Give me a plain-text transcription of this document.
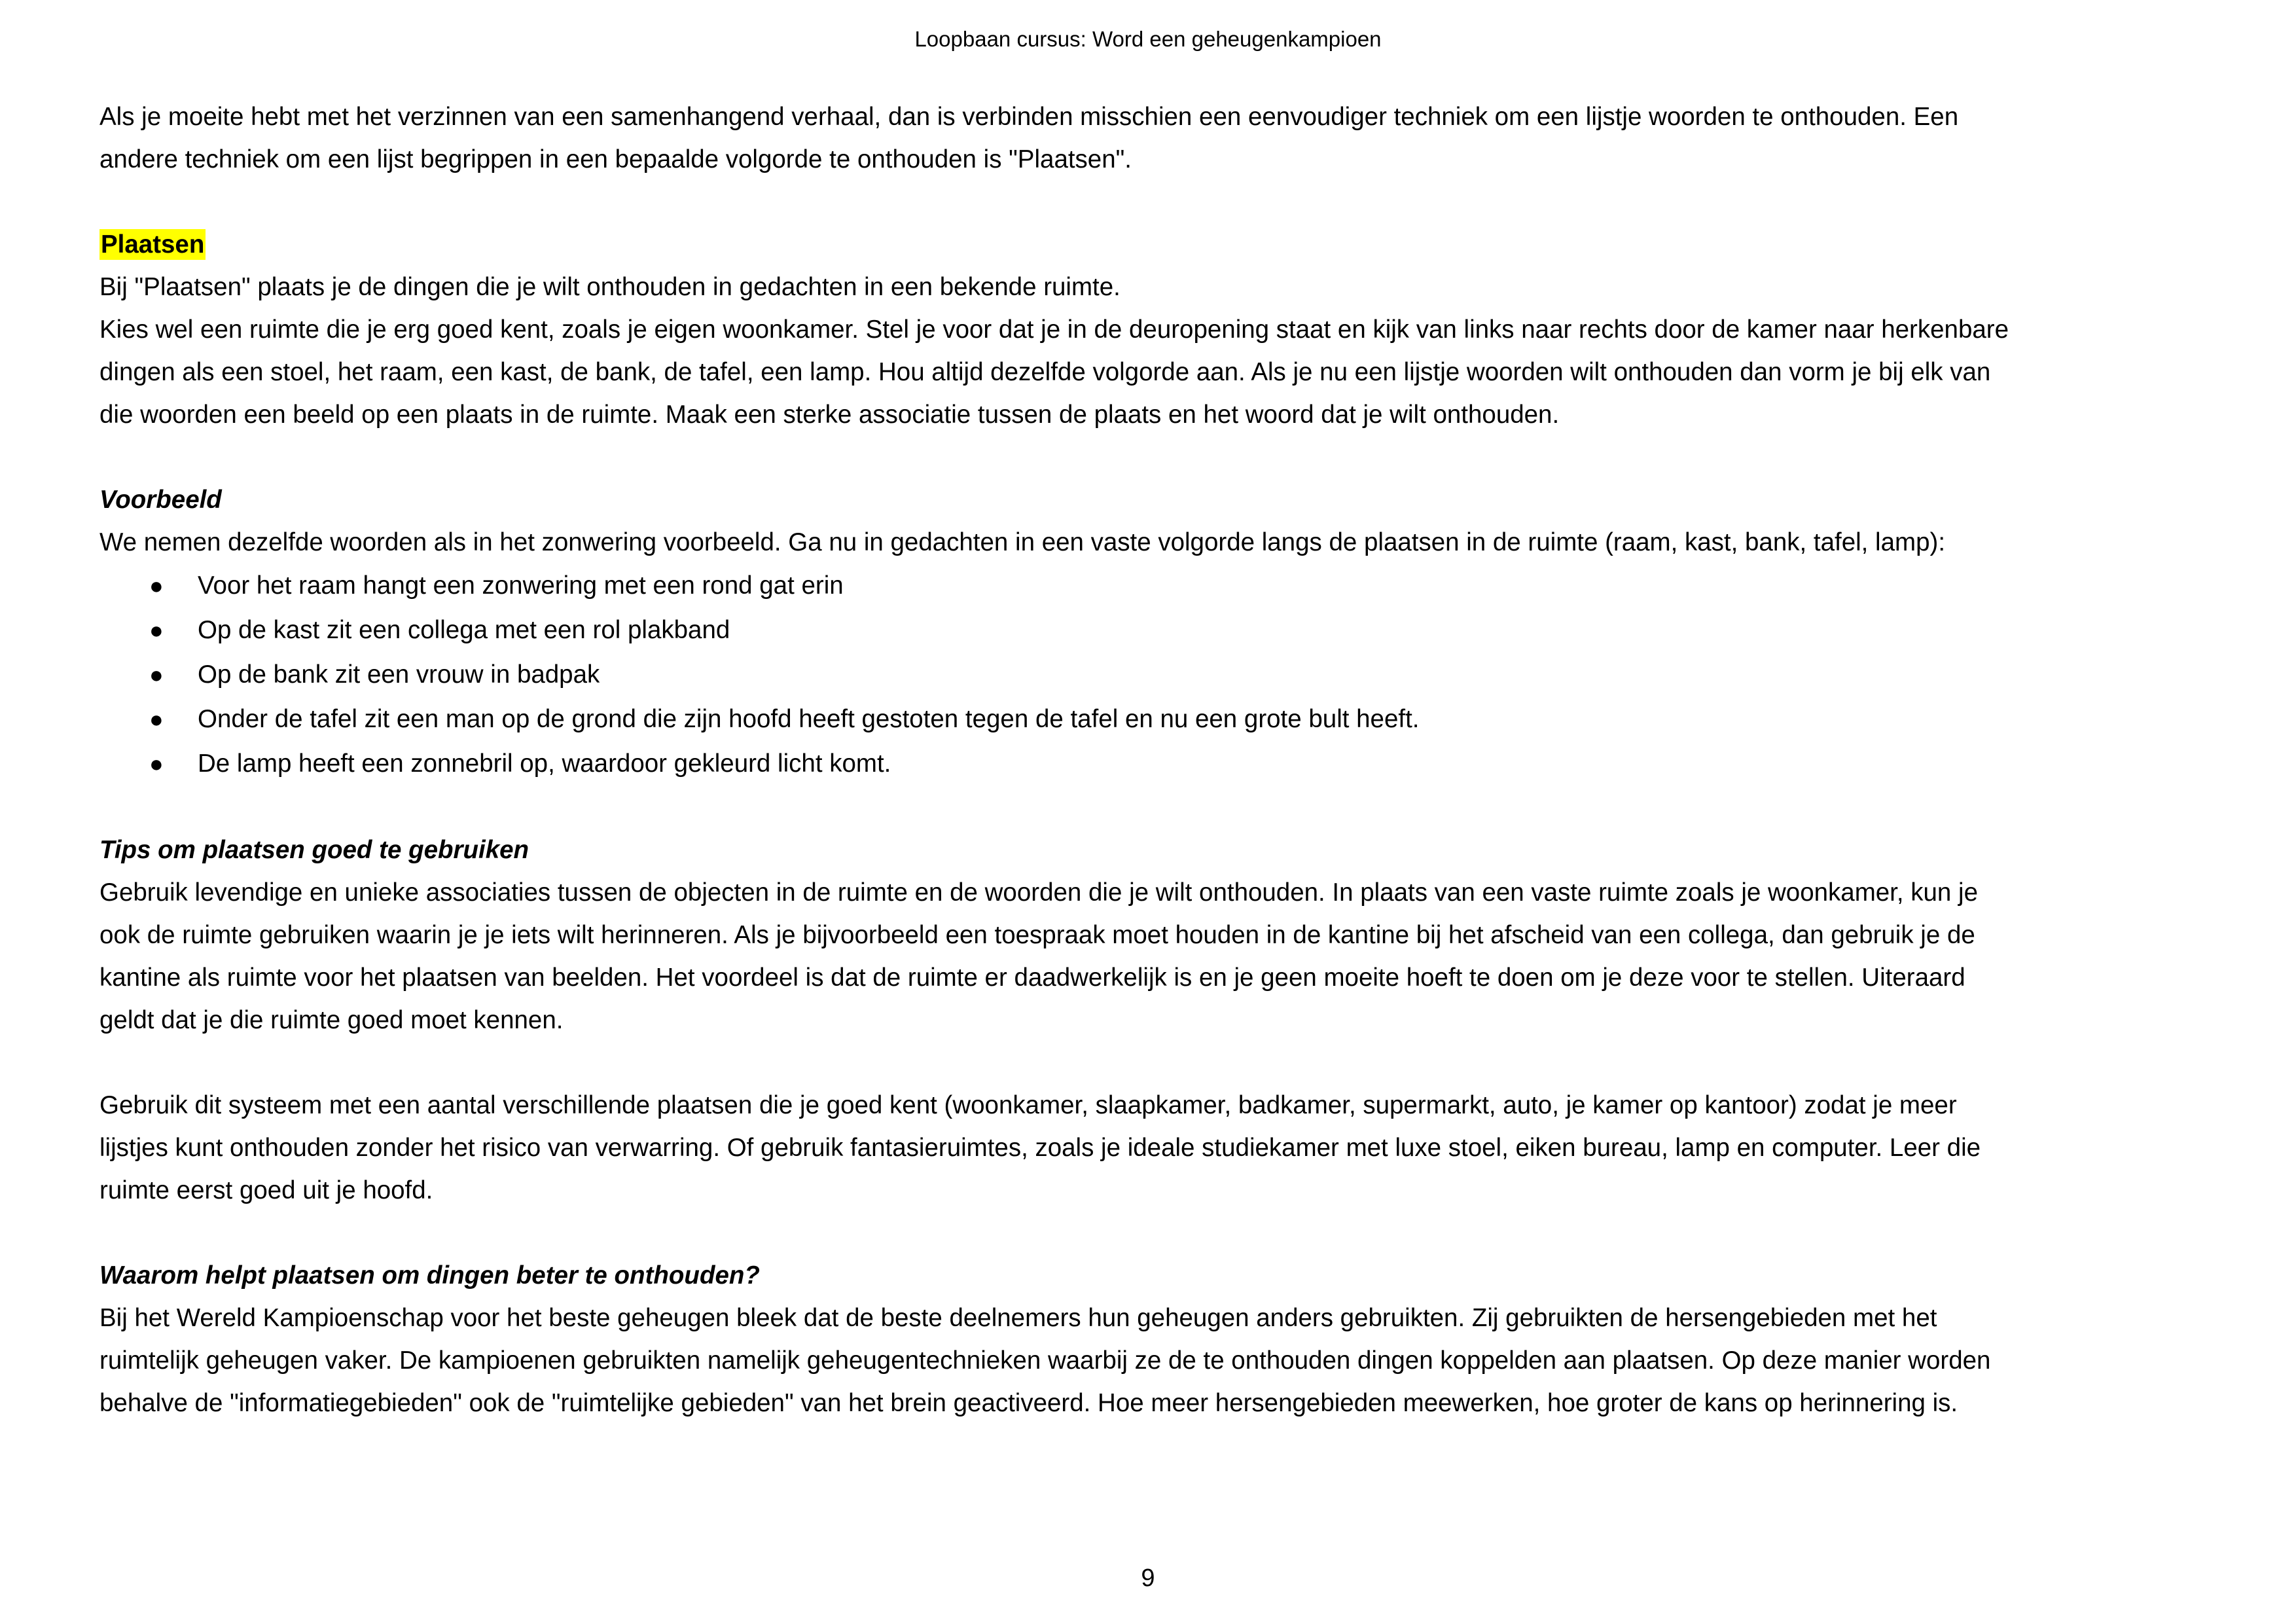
Loopbaan cursus: Word een geheugenkampioen

Als je moeite hebt met het verzinnen van een samenhangend verhaal, dan is verbinden misschien een eenvoudiger techniek om een lijstje woorden te onthouden. Een

andere techniek om een lijst begrippen in een bepaalde volgorde te onthouden is "Plaatsen".

Plaatsen

Bij "Plaatsen" plaats je de dingen die je wilt onthouden in gedachten in een bekende ruimte.

Kies wel een ruimte die je erg goed kent, zoals je eigen woonkamer. Stel je voor dat je in de deuropening staat en kijk van links naar rechts door de kamer naar herkenbare

dingen als een stoel, het raam, een kast, de bank, de tafel, een lamp. Hou altijd dezelfde volgorde aan. Als je nu een lijstje woorden wilt onthouden dan vorm je bij elk van

die woorden een beeld op een plaats in de ruimte. Maak een sterke associatie tussen de plaats en het woord dat je wilt onthouden.

Voorbeeld

We nemen dezelfde woorden als in het zonwering voorbeeld. Ga nu in gedachten in een vaste volgorde langs de plaatsen in de ruimte (raam, kast, bank, tafel, lamp):

● Voor het raam hangt een zonwering met een rond gat erin
● Op de kast zit een collega met een rol plakband
● Op de bank zit een vrouw in badpak
● Onder de tafel zit een man op de grond die zijn hoofd heeft gestoten tegen de tafel en nu een grote bult heeft.
● De lamp heeft een zonnebril op, waardoor gekleurd licht komt.

Tips om plaatsen goed te gebruiken

Gebruik levendige en unieke associaties tussen de objecten in de ruimte en de woorden die je wilt onthouden. In plaats van een vaste ruimte zoals je woonkamer, kun je

ook de ruimte gebruiken waarin je je iets wilt herinneren. Als je bijvoorbeeld een toespraak moet houden in de kantine bij het afscheid van een collega, dan gebruik je de

kantine als ruimte voor het plaatsen van beelden. Het voordeel is dat de ruimte er daadwerkelijk is en je geen moeite hoeft te doen om je deze voor te stellen. Uiteraard

geldt dat je die ruimte goed moet kennen.

Gebruik dit systeem met een aantal verschillende plaatsen die je goed kent (woonkamer, slaapkamer, badkamer, supermarkt, auto, je kamer op kantoor) zodat je meer

lijstjes kunt onthouden zonder het risico van verwarring. Of gebruik fantasieruimtes, zoals je ideale studiekamer met luxe stoel, eiken bureau, lamp en computer. Leer die

ruimte eerst goed uit je hoofd.

Waarom helpt plaatsen om dingen beter te onthouden?

Bij het Wereld Kampioenschap voor het beste geheugen bleek dat de beste deelnemers hun geheugen anders gebruikten. Zij gebruikten de hersengebieden met het

ruimtelijk geheugen vaker. De kampioenen gebruikten namelijk geheugentechnieken waarbij ze de te onthouden dingen koppelden aan plaatsen. Op deze manier worden

behalve de "informatiegebieden" ook de "ruimtelijke gebieden" van het brein geactiveerd. Hoe meer hersengebieden meewerken, hoe groter de kans op herinnering is.

9
